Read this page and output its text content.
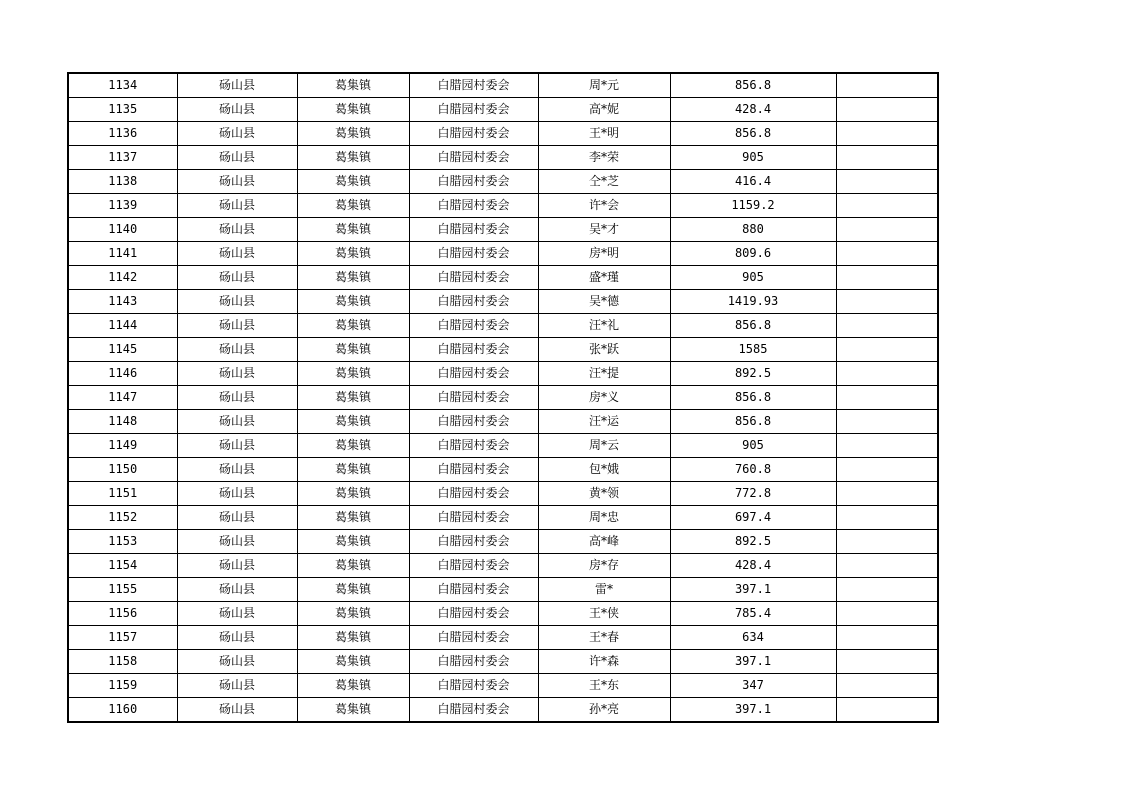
1134	砀山县	葛集镇	白腊园村委会	周*元	856.8	
1135	砀山县	葛集镇	白腊园村委会	高*妮	428.4	
1136	砀山县	葛集镇	白腊园村委会	王*明	856.8	
1137	砀山县	葛集镇	白腊园村委会	李*荣	905	
1138	砀山县	葛集镇	白腊园村委会	仝*芝	416.4	
1139	砀山县	葛集镇	白腊园村委会	许*会	1159.2	
1140	砀山县	葛集镇	白腊园村委会	吴*才	880	
1141	砀山县	葛集镇	白腊园村委会	房*明	809.6	
1142	砀山县	葛集镇	白腊园村委会	盛*瑾	905	
1143	砀山县	葛集镇	白腊园村委会	吴*德	1419.93	
1144	砀山县	葛集镇	白腊园村委会	汪*礼	856.8	
1145	砀山县	葛集镇	白腊园村委会	张*跃	1585	
1146	砀山县	葛集镇	白腊园村委会	汪*提	892.5	
1147	砀山县	葛集镇	白腊园村委会	房*义	856.8	
1148	砀山县	葛集镇	白腊园村委会	汪*运	856.8	
1149	砀山县	葛集镇	白腊园村委会	周*云	905	
1150	砀山县	葛集镇	白腊园村委会	包*娥	760.8	
1151	砀山县	葛集镇	白腊园村委会	黄*领	772.8	
1152	砀山县	葛集镇	白腊园村委会	周*忠	697.4	
1153	砀山县	葛集镇	白腊园村委会	高*峰	892.5	
1154	砀山县	葛集镇	白腊园村委会	房*存	428.4	
1155	砀山县	葛集镇	白腊园村委会	雷*	397.1	
1156	砀山县	葛集镇	白腊园村委会	王*侠	785.4	
1157	砀山县	葛集镇	白腊园村委会	王*春	634	
1158	砀山县	葛集镇	白腊园村委会	许*森	397.1	
1159	砀山县	葛集镇	白腊园村委会	王*东	347	
1160	砀山县	葛集镇	白腊园村委会	孙*亮	397.1	
